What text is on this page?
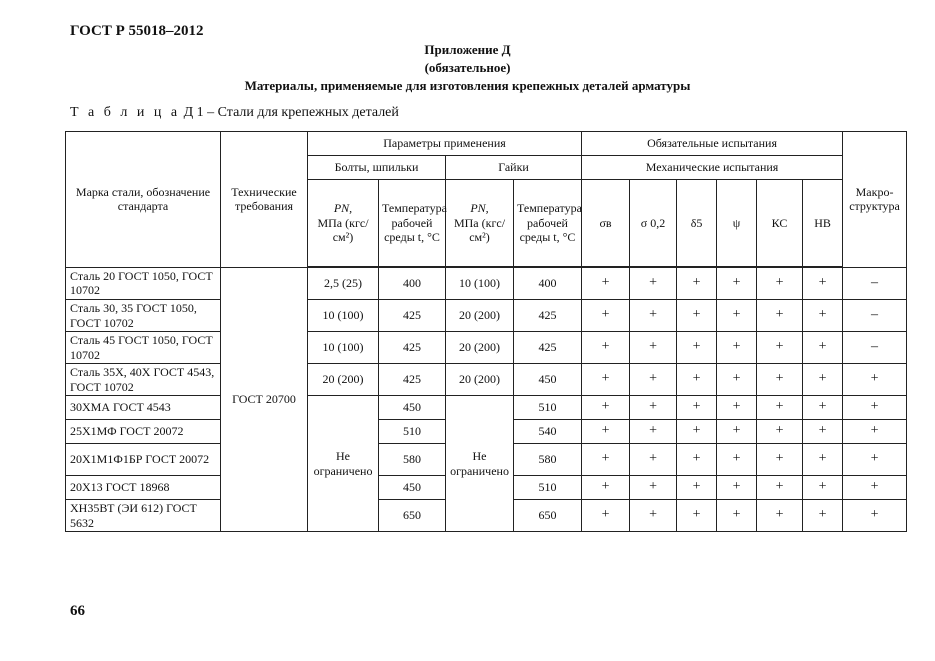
ГОСТ Р 55018–2012
Приложение Д
(обязательное)
Материалы, применяемые для изготовления крепежных деталей арматуры
Т а б л и ц а Д 1 – Стали для крепежных деталей
Марка стали, обозначение стандарта	Технические требования	Параметры применения				Обязательные испытания						Макро-структура
		Болты, шпильки		Гайки		Механические испытания						
		PN,
МПа (кгс/см²)	Температура рабочей среды t, °C	PN,
МПа (кгс/см²)	Температура рабочей среды t, °C	σв	σ 0,2	δ5	ψ	КС	HB	
Сталь 20 ГОСТ 1050, ГОСТ 10702	ГОСТ 20700	2,5 (25)	400	10 (100)	400	+	+	+	+	+	+	–
Сталь 30, 35 ГОСТ 1050, ГОСТ 10702		10 (100)	425	20 (200)	425	+	+	+	+	+	+	–
Сталь 45 ГОСТ 1050, ГОСТ 10702		10 (100)	425	20 (200)	425	+	+	+	+	+	+	–
Сталь 35Х, 40Х ГОСТ 4543, ГОСТ 10702		20 (200)	425	20 (200)	450	+	+	+	+	+	+	+
30ХМА ГОСТ 4543		Не ограничено	450	Не ограничено	510	+	+	+	+	+	+	+
25Х1МФ ГОСТ 20072			510		540	+	+	+	+	+	+	+
20Х1М1Ф1БР ГОСТ 20072			580		580	+	+	+	+	+	+	+
20Х13 ГОСТ 18968			450		510	+	+	+	+	+	+	+
ХН35ВТ (ЭИ 612) ГОСТ 5632			650		650	+	+	+	+	+	+	+
66
